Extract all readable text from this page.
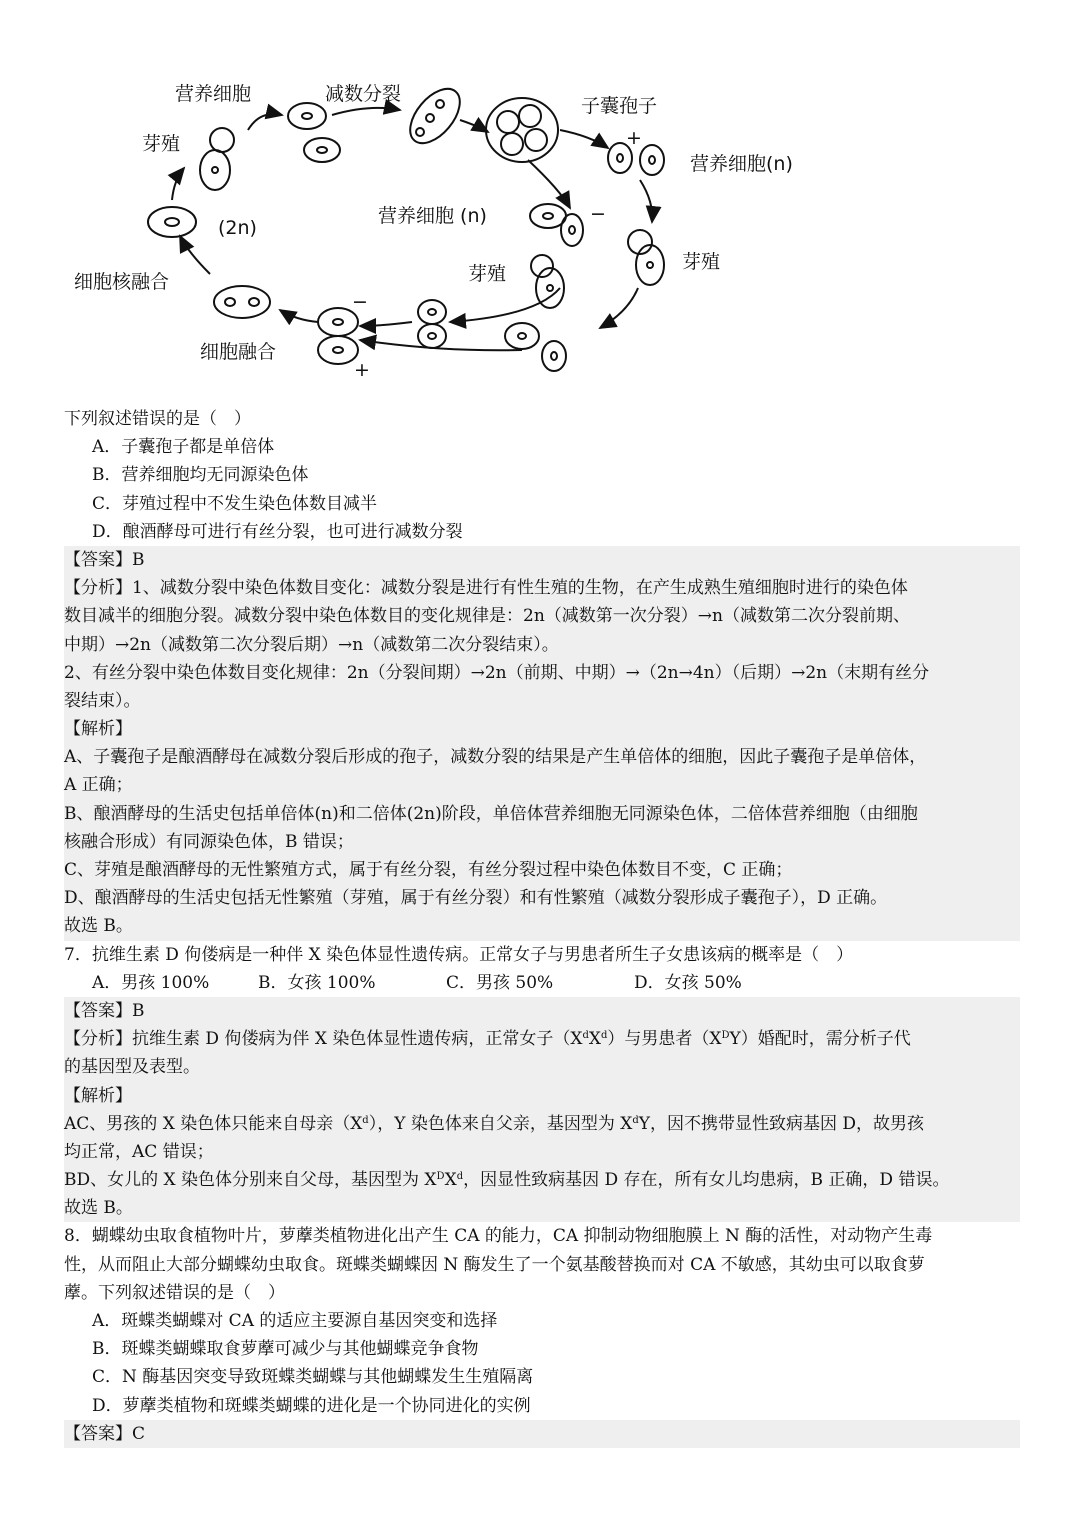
营养细胞	减数分裂
子囊孢子
营养细胞(n)
芽殖
营养细胞 (n)
(2n)
芽殖
芽殖
细胞核融合
细胞融合
+
−
−
+
下列叙述错误的是（　）
A．子囊孢子都是单倍体
B．营养细胞均无同源染色体
C．芽殖过程中不发生染色体数目减半
D．酿酒酵母可进行有丝分裂，也可进行减数分裂
【答案】B
【分析】1、减数分裂中染色体数目变化：减数分裂是进行有性生殖的生物，在产生成熟生殖细胞时进行的染色体
数目减半的细胞分裂。减数分裂中染色体数目的变化规律是：2n（减数第一次分裂）→n（减数第二次分裂前期、
中期）→2n（减数第二次分裂后期）→n（减数第二次分裂结束）。
2、有丝分裂中染色体数目变化规律：2n（分裂间期）→2n（前期、中期）→（2n→4n）（后期）→2n（末期有丝分
裂结束）。
【解析】
A、子囊孢子是酿酒酵母在减数分裂后形成的孢子，减数分裂的结果是产生单倍体的细胞，因此子囊孢子是单倍体，
A 正确；
B、酿酒酵母的生活史包括单倍体(n)和二倍体(2n)阶段，单倍体营养细胞无同源染色体，二倍体营养细胞（由细胞
核融合形成）有同源染色体，B 错误；
C、芽殖是酿酒酵母的无性繁殖方式，属于有丝分裂，有丝分裂过程中染色体数目不变，C 正确；
D、酿酒酵母的生活史包括无性繁殖（芽殖，属于有丝分裂）和有性繁殖（减数分裂形成子囊孢子），D 正确。
故选 B。
7．抗维生素 D 佝偻病是一种伴 X 染色体显性遗传病。正常女子与男患者所生子女患该病的概率是（　）
A．男孩 100%	B．女孩 100%	C．男孩 50%	D．女孩 50%
【答案】B
【分析】抗维生素 D 佝偻病为伴 X 染色体显性遗传病，正常女子$(X^dX^d)$与男患者$(X^DY)$婚配时，需分析子代
的基因型及表型。
【解析】
AC、男孩的 X 染色体只能来自母亲$(X^d)$，Y 染色体来自父亲，基因型为 $X^dY$，因不携带显性致病基因 D，故男孩
均正常，AC 错误；
BD、女儿的 X 染色体分别来自父母，基因型为 $X^DX^d$，因显性致病基因 D 存在，所有女儿均患病，B 正确，D 错误。
故选 B。
8．蝴蝶幼虫取食植物叶片，萝藦类植物进化出产生 CA 的能力，CA 抑制动物细胞膜上 N 酶的活性，对动物产生毒
性，从而阻止大部分蝴蝶幼虫取食。斑蝶类蝴蝶因 N 酶发生了一个氨基酸替换而对 CA 不敏感，其幼虫可以取食萝
藦。下列叙述错误的是（　）
A．斑蝶类蝴蝶对 CA 的适应主要源自基因突变和选择
B．斑蝶类蝴蝶取食萝藦可减少与其他蝴蝶竞争食物
C．N 酶基因突变导致斑蝶类蝴蝶与其他蝴蝶发生生殖隔离
D．萝藦类植物和斑蝶类蝴蝶的进化是一个协同进化的实例
【答案】C
